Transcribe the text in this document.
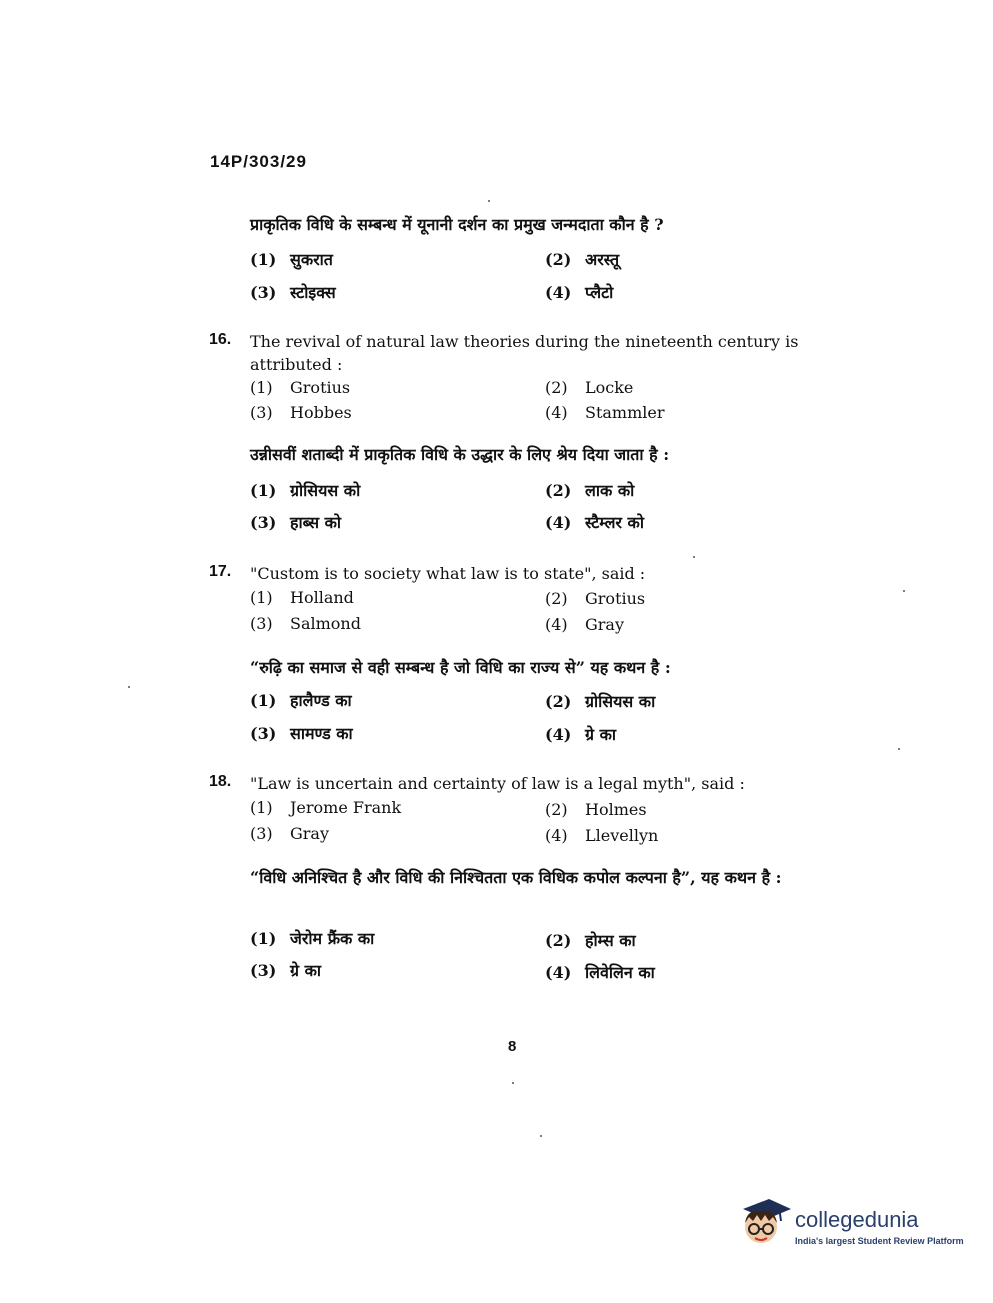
14P/303/29
प्राकृतिक विधि के सम्बन्ध में यूनानी दर्शन का प्रमुख जन्मदाता कौन है ?
(1) सुकरात	(2) अरस्तू
(3) स्टोइक्स	(4) प्लैटो
16. The revival of natural law theories during the nineteenth century is attributed :
(1) Grotius	(2) Locke
(3) Hobbes	(4) Stammler
उन्नीसवीं शताब्दी में प्राकृतिक विधि के उद्धार के लिए श्रेय दिया जाता है :
(1) ग्रोसियस को	(2) लाक को
(3) हाब्स को	(4) स्टैम्लर को
17. "Custom is to society what law is to state", said :
(1) Holland	(2) Grotius
(3) Salmond	(4) Gray
“रुढ़ि का समाज से वही सम्बन्ध है जो विधि का राज्य से” यह कथन है :
(1) हालैण्ड का	(2) ग्रोसियस का
(3) सामण्ड का	(4) ग्रे का
18. "Law is uncertain and certainty of law is a legal myth", said :
(1) Jerome Frank	(2) Holmes
(3) Gray	(4) Llevellyn
“विधि अनिश्चित है और विधि की निश्चितता एक विधिक कपोल कल्पना है”, यह कथन है :
(1) जेरोम फ्रैंक का	(2) होम्स का
(3) ग्रे का	(4) लिवेलिन का
8
collegedunia
India's largest Student Review Platform
